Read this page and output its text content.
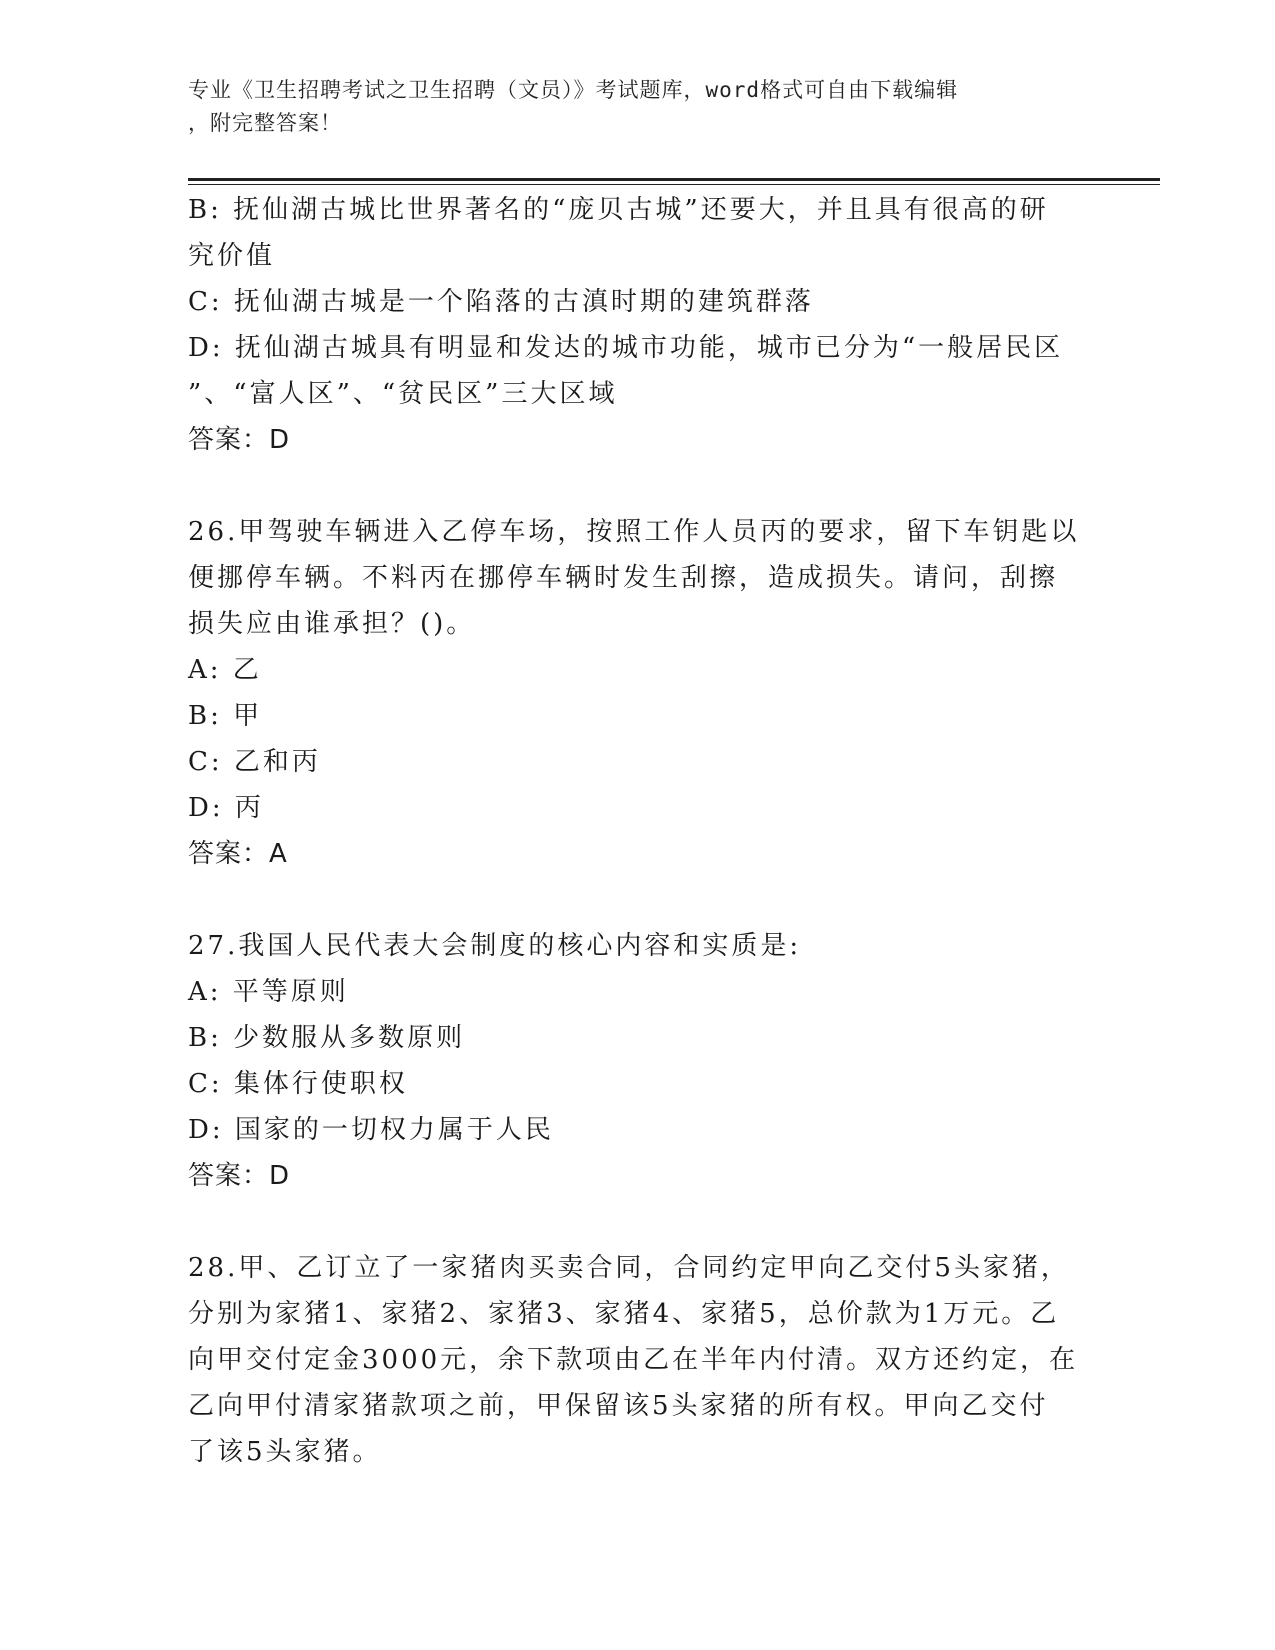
专业《卫生招聘考试之卫生招聘（文员）》考试题库，word格式可自由下载编辑
，附完整答案！
B: 抚仙湖古城比世界著名的“庞贝古城”还要大，并且具有很高的研
究价值
C: 抚仙湖古城是一个陷落的古滇时期的建筑群落
D: 抚仙湖古城具有明显和发达的城市功能，城市已分为“一般居民区
”、“富人区”、“贫民区”三大区域
答案：D
26.甲驾驶车辆进入乙停车场，按照工作人员丙的要求，留下车钥匙以
便挪停车辆。不料丙在挪停车辆时发生刮擦，造成损失。请问，刮擦
损失应由谁承担？()。
A: 乙
B: 甲
C: 乙和丙
D: 丙
答案：A
27.我国人民代表大会制度的核心内容和实质是:
A: 平等原则
B: 少数服从多数原则
C: 集体行使职权
D: 国家的一切权力属于人民
答案：D
28.甲、乙订立了一家猪肉买卖合同，合同约定甲向乙交付5头家猪，
分别为家猪1、家猪2、家猪3、家猪4、家猪5，总价款为1万元。乙
向甲交付定金3000元，余下款项由乙在半年内付清。双方还约定，在
乙向甲付清家猪款项之前，甲保留该5头家猪的所有权。甲向乙交付
了该5头家猪。
